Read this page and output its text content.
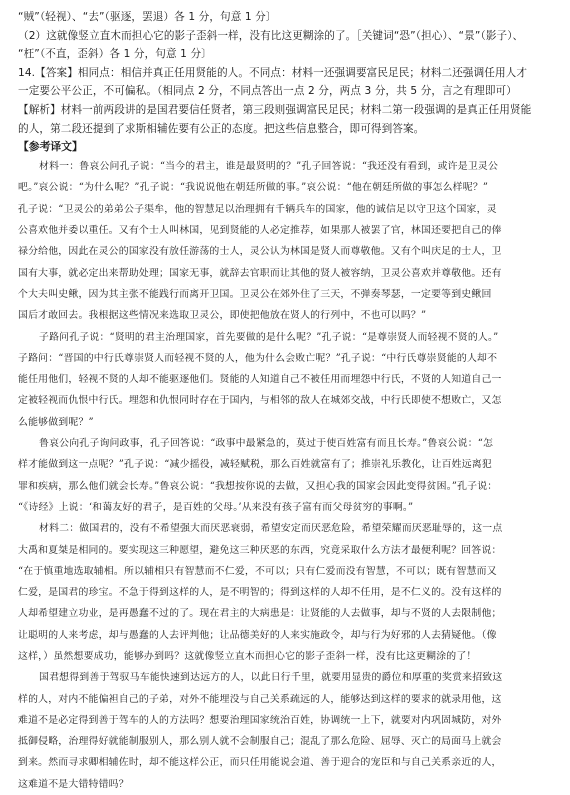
“贼”（轻视）、“去”（驱逐，罢退）各 1 分，句意 1 分〕

（2）这就像竖立直木而担心它的影子歪斜一样，没有比这更糊涂的了。［关键词“恐”（担心）、“景”（影子）、

“枉”（不直，歪斜）各 1 分，句意 1 分〕

14.【答案】相同点：相信并真正任用贤能的人。不同点：材料一还强调要富民足民；材料二还强调任用人才

一定要公平公正，不可偏私。（相同点 2 分，不同点答出一点 2 分，两点 3 分，共 5 分，言之有理即可）

【解析】材料一前两段讲的是国君要信任贤者，第三段则强调富民足民；材料二第一段强调的是真正任用贤能

的人，第二段还提到了求斯相辅佐要有公正的态度。把这些信息整合，即可得到答案。

【参考译文】

材料一：鲁哀公问孔子说：“当今的君主，谁是最贤明的？”孔子回答说：“我还没有看到，或许是卫灵公

吧。”哀公说：“为什么呢？”孔子说：“我说说他在朝廷所做的事。”哀公说：“他在朝廷所做的事怎么样呢？”

孔子说：“卫灵公的弟弟公子渠牟，他的智慧足以治理拥有千辆兵车的国家，他的诚信足以守卫这个国家，灵

公喜欢他并委以重任。又有个士人叫林国，见到贤能的人必定推荐，如果那人被罢了官，林国还要把自己的俸

禄分给他，因此在灵公的国家没有放任游荡的士人，灵公认为林国是贤人而尊敬他。又有个叫庆足的士人，卫

国有大事，就必定出来帮助处理；国家无事，就辞去官职而让其他的贤人被容纳，卫灵公喜欢并尊敬他。还有

个大夫叫史鳅，因为其主张不能践行而离开卫国。卫灵公在郊外住了三天，不弹奏琴瑟，一定要等到史鳅回

国后才敢回去。我根据这些情况来选取卫灵公，即使把他放在贤人的行列中，不也可以吗？”

子路问孔子说：“贤明的君主治理国家，首先要做的是什么呢？”孔子说：“是尊崇贤人而轻视不贤的人。”

子路问：“晋国的中行氏尊崇贤人而轻视不贤的人，他为什么会败亡呢？”孔子说：“中行氏尊崇贤能的人却不

能任用他们，轻视不贤的人却不能驱逐他们。贤能的人知道自己不被任用而埋怨中行氏，不贤的人知道自己一

定被轻视而仇恨中行氏。埋怨和仇恨同时存在于国内，与相邻的敌人在城郊交战，中行氏即使不想败亡，又怎

么能够做到呢？”

鲁哀公向孔子询问政事，孔子回答说：“政事中最紧急的，莫过于使百姓富有而且长寿。”鲁哀公说：“怎

样才能做到这一点呢？”孔子说：“减少摇役，减轻赋税，那么百姓就富有了；推崇礼乐教化，让百姓远离犯

罪和疾病，那么他们就会长寿。”鲁哀公说：“我想按你说的去做，又担心我的国家会因此变得贫困。”孔子说：

“《诗经》上说：‘和蔼友好的君子，是百姓的父母。’从来没有孩子富有而父母贫穷的事啊。”

材料二：做国君的，没有不希望强大而厌恶衰弱，希望安定而厌恶危险，希望荣耀而厌恶耻辱的，这一点

大禹和夏桀是相同的。要实现这三种愿望，避免这三种厌恶的东西，究竟采取什么方法才最便利呢？回答说：

“在于慎重地选取辅相。所以辅相只有智慧而不仁爱，不可以；只有仁爱而没有智慧，不可以；既有智慧而又

仁爱，是国君的珍宝。不急于得到这样的人，是不明智的；得到这样的人却不任用，是不仁义的。没有这样的

人却希望建立功业，是再愚蠢不过的了。现在君主的大病患是：让贤能的人去做事，却与不贤的人去限制他；

让聪明的人来考虑，却与愚蠢的人去评判他；让品德美好的人来实施政令，却与行为好邪的人去猜疑他。（像

这样，）虽然想要成功，能够办到吗？这就像竖立直木而担心它的影子歪斜一样，没有比这更糊涂的了！

国君想得到善于驾驭马车能快速到达远方的人，以此日行千里，就要用显贵的爵位和厚重的奖赏来招致这

样的人，对内不能偏袒自己的子弟，对外不能埋没与自己关系疏远的人，能够达到这样的要求的就录用他，这

难道不是必定得到善于驾车的人的方法吗？想要治理国家统治百姓，协调统一上下，就要对内巩固城防，对外

抵御侵略，治理得好就能制服别人，那么别人就不会制服自己；混乱了那么危险、屈辱、灭亡的局面马上就会

到来。然而寻求卿相辅佐时，却不能这样公正，而只任用能说会道、善于迎合的宠臣和与自己关系亲近的人，

这难道不是大错特错吗？
